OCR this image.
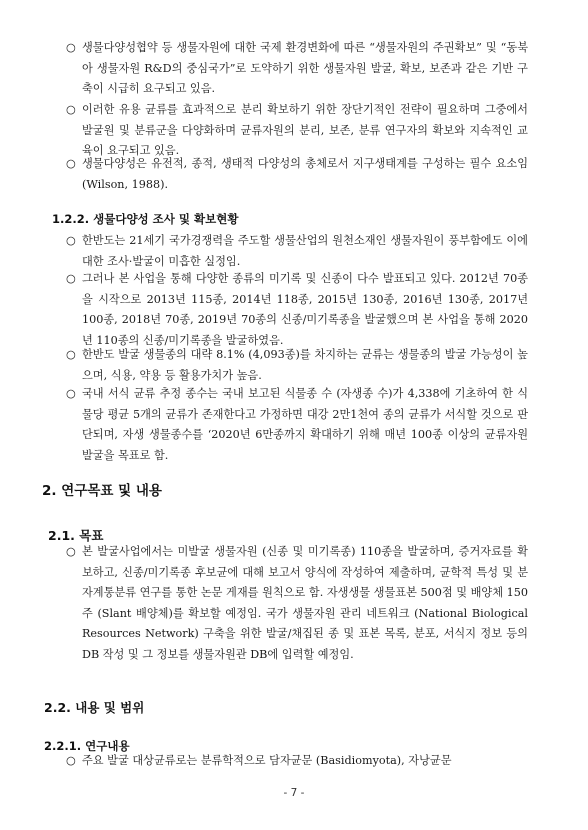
○ 생물다양성협약 등 생물자원에 대한 국제 환경변화에 따른 “생물자원의 주권확보” 및 “동북아 생물자원 R&D의 중심국가”로 도약하기 위한 생물자원 발굴, 확보, 보존과 같은 기반 구축이 시급히 요구되고 있음.
○ 이러한 유용 균류를 효과적으로 분리 확보하기 위한 장단기적인 전략이 필요하며 그중에서 발굴원 및 분류군을 다양화하며 균류자원의 분리, 보존, 분류 연구자의 확보와 지속적인 교육이 요구되고 있음.
○ 생물다양성은 유전적, 종적, 생태적 다양성의 총체로서 지구생태계를 구성하는 필수 요소임 (Wilson, 1988).
1.2.2. 생물다양성 조사 및 확보현황
○ 한반도는 21세기 국가경쟁력을 주도할 생물산업의 원천소재인 생물자원이 풍부함에도 이에 대한 조사·발굴이 미흡한 실정임.
○ 그러나 본 사업을 통해 다양한 종류의 미기록 및 신종이 다수 발표되고 있다. 2012년 70종을 시작으로 2013년 115종, 2014년 118종, 2015년 130종, 2016년 130종, 2017년 100종, 2018년 70종, 2019년 70종의 신종/미기록종을 발굴했으며 본 사업을 통해 2020년 110종의 신종/미기록종을 발굴하였음.
○ 한반도 발굴 생물종의 대략 8.1% (4,093종)를 차지하는 균류는 생물종의 발굴 가능성이 높으며, 식용, 약용 등 활용가치가 높음.
○ 국내 서식 균류 추정 종수는 국내 보고된 식물종 수 (자생종 수)가 4,338에 기초하여 한 식물당 평균 5개의 균류가 존재한다고 가정하면 대강 2만1천여 종의 균류가 서식할 것으로 판단되며, 자생 생물종수를 ‘2020년 6만종까지 확대하기 위해 매년 100종 이상의 균류자원 발굴을 목표로 함.
2. 연구목표 및 내용
2.1. 목표
○ 본 발굴사업에서는 미발굴 생물자원 (신종 및 미기록종) 110종을 발굴하며, 증거자료를 확보하고, 신종/미기록종 후보균에 대해 보고서 양식에 작성하여 제출하며, 균학적 특성 및 분자계통분류 연구를 통한 논문 게재를 원칙으로 함. 자생생물 생물표본 500점 및 배양체 150주 (Slant 배양체)를 확보할 예정임. 국가 생물자원 관리 네트워크 (National Biological Resources Network) 구축을 위한 발굴/채집된 종 및 표본 목록, 분포, 서식지 정보 등의 DB 작성 및 그 정보를 생물자원관 DB에 입력할 예정임.
2.2. 내용 및 범위
2.2.1. 연구내용
○ 주요 발굴 대상균류로는 분류학적으로 담자균문 (Basidiomyota), 자낭균문
- 7 -
